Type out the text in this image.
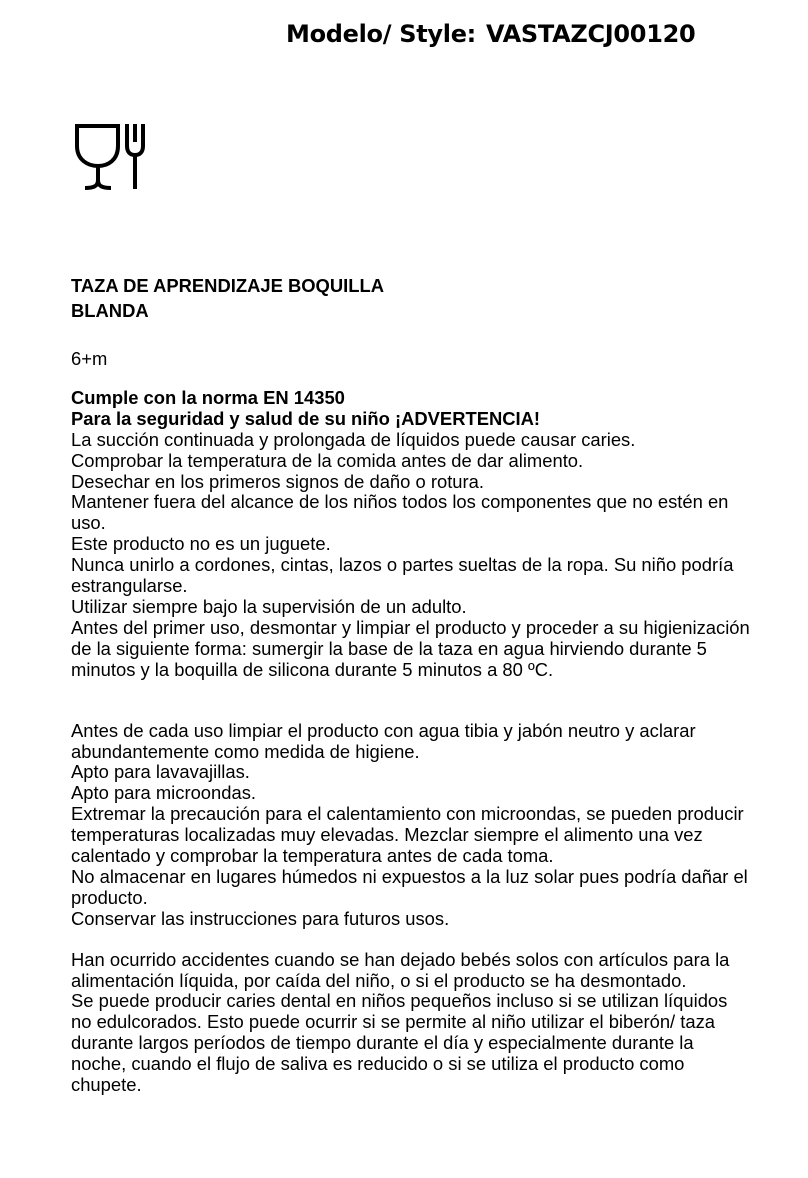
Modelo/ Style: VASTAZCJ00120

TAZA DE APRENDIZAJE BOQUILLA

BLANDA

6+m

Cumple con la norma EN 14350

Para la seguridad y salud de su niño ¡ADVERTENCIA!

La succión continuada y prolongada de líquidos puede causar caries.

Comprobar la temperatura de la comida antes de dar alimento.

Desechar en los primeros signos de daño o rotura.

Mantener fuera del alcance de los niños todos los componentes que no estén en uso.

Este producto no es un juguete.

Nunca unirlo a cordones, cintas, lazos o partes sueltas de la ropa. Su niño podría estrangularse.

Utilizar siempre bajo la supervisión de un adulto.

Antes del primer uso, desmontar y limpiar el producto y proceder a su higienización de la siguiente forma: sumergir la base de la taza en agua hirviendo durante 5 minutos y la boquilla de silicona durante 5 minutos a 80 ºC.

Antes de cada uso limpiar el producto con agua tibia y jabón neutro y aclarar abundantemente como medida de higiene.

Apto para lavavajillas.

Apto para microondas.

Extremar la precaución para el calentamiento con microondas, se pueden producir temperaturas localizadas muy elevadas. Mezclar siempre el alimento una vez calentado y comprobar la temperatura antes de cada toma.

No almacenar en lugares húmedos ni expuestos a la luz solar pues podría dañar el producto.

Conservar las instrucciones para futuros usos.

Han ocurrido accidentes cuando se han dejado bebés solos con artículos para la alimentación líquida, por caída del niño, o si el producto se ha desmontado.

Se puede producir caries dental en niños pequeños incluso si se utilizan líquidos no edulcorados. Esto puede ocurrir si se permite al niño utilizar el biberón/ taza durante largos períodos de tiempo durante el día y especialmente durante la noche, cuando el flujo de saliva es reducido o si se utiliza el producto como chupete.
